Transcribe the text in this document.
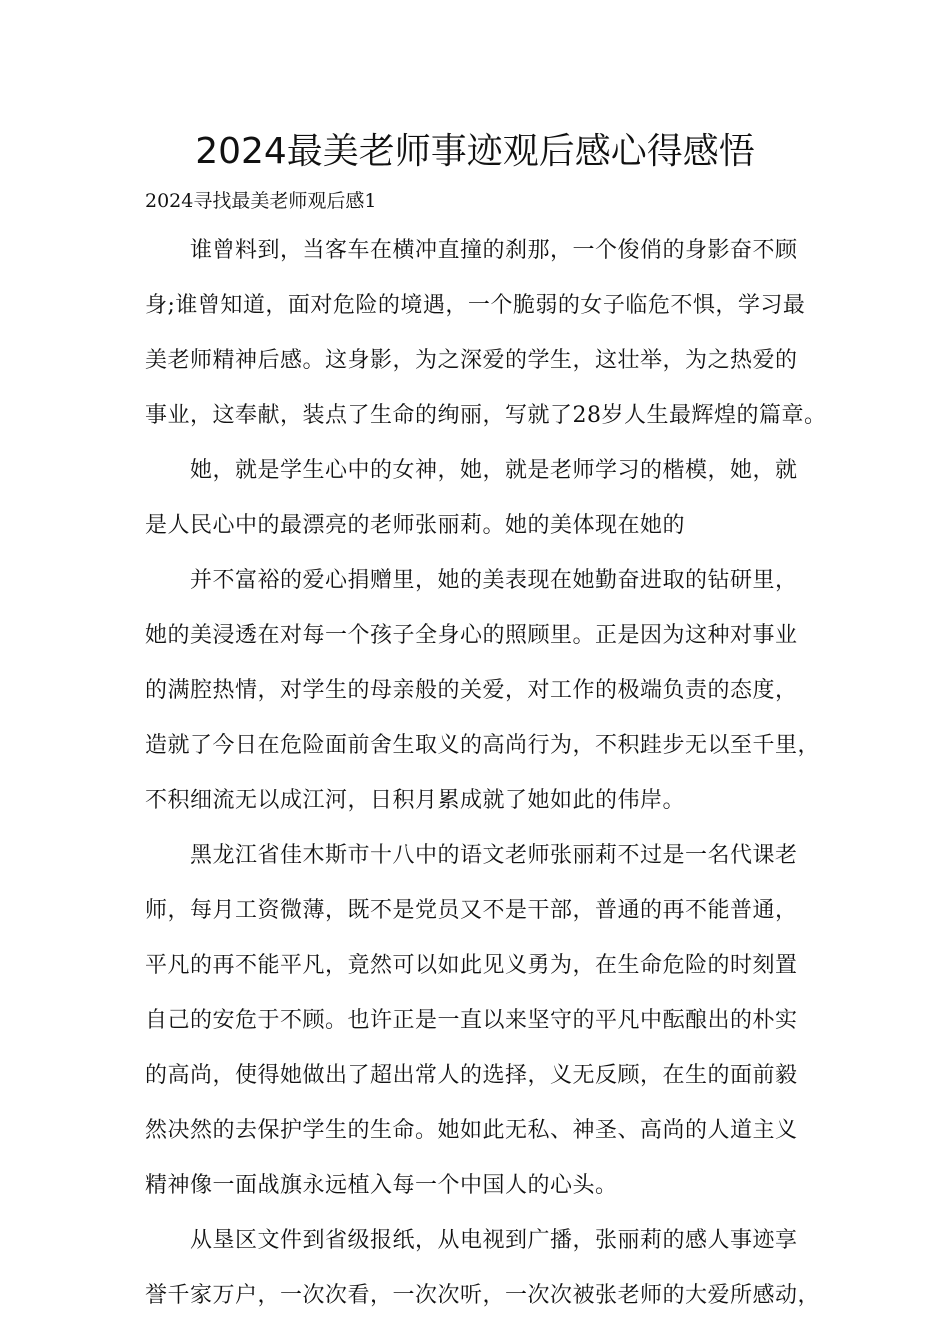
2024最美老师事迹观后感心得感悟

2024寻找最美老师观后感1

谁曾料到，当客车在横冲直撞的刹那，一个俊俏的身影奋不顾
身;谁曾知道，面对危险的境遇，一个脆弱的女子临危不惧，学习最
美老师精神后感。这身影，为之深爱的学生，这壮举，为之热爱的
事业，这奉献，装点了生命的绚丽，写就了28岁人生最辉煌的篇章。

她，就是学生心中的女神，她，就是老师学习的楷模，她，就
是人民心中的最漂亮的老师张丽莉。她的美体现在她的

并不富裕的爱心捐赠里，她的美表现在她勤奋进取的钻研里，
她的美浸透在对每一个孩子全身心的照顾里。正是因为这种对事业
的满腔热情，对学生的母亲般的关爱，对工作的极端负责的态度，
造就了今日在危险面前舍生取义的高尚行为，不积跬步无以至千里，
不积细流无以成江河，日积月累成就了她如此的伟岸。

黑龙江省佳木斯市十八中的语文老师张丽莉不过是一名代课老
师，每月工资微薄，既不是党员又不是干部，普通的再不能普通，
平凡的再不能平凡，竟然可以如此见义勇为，在生命危险的时刻置
自己的安危于不顾。也许正是一直以来坚守的平凡中酝酿出的朴实
的高尚，使得她做出了超出常人的选择，义无反顾，在生的面前毅
然决然的去保护学生的生命。她如此无私、神圣、高尚的人道主义
精神像一面战旗永远植入每一个中国人的心头。

从垦区文件到省级报纸，从电视到广播，张丽莉的感人事迹享
誉千家万户，一次次看，一次次听，一次次被张老师的大爱所感动，
